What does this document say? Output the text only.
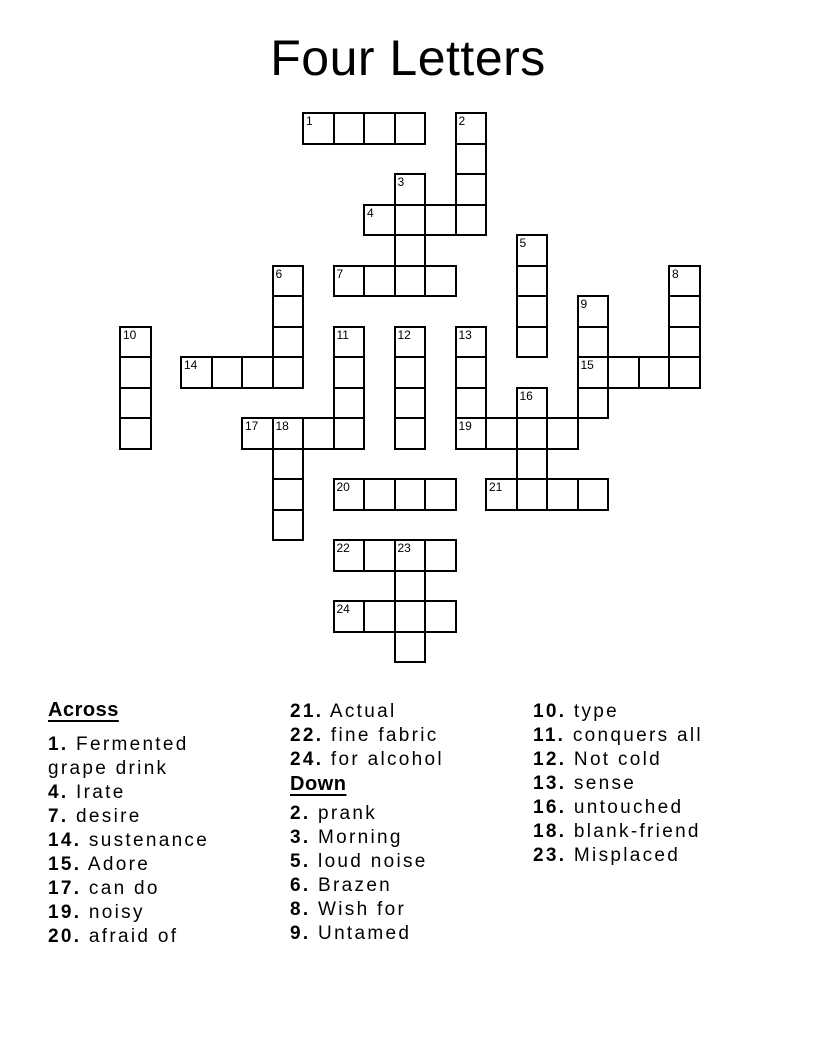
Four Letters
1	2
3
4
5
6	7	8
9
15
10	11	12	13
19
14
16
17 18
20	21
22	23
24
Across

1. Fermented grape drink

4. Irate

7. desire

14. sustenance

15. Adore

17. can do

19. noisy

20. afraid of

21. Actual

22. fine fabric

24. for alcohol

Down

2. prank

3. Morning

5. loud noise

6. Brazen

8. Wish for

9. Untamed

10. type

11. conquers all

12. Not cold

13. sense

16. untouched

18. blank-friend

23. Misplaced
